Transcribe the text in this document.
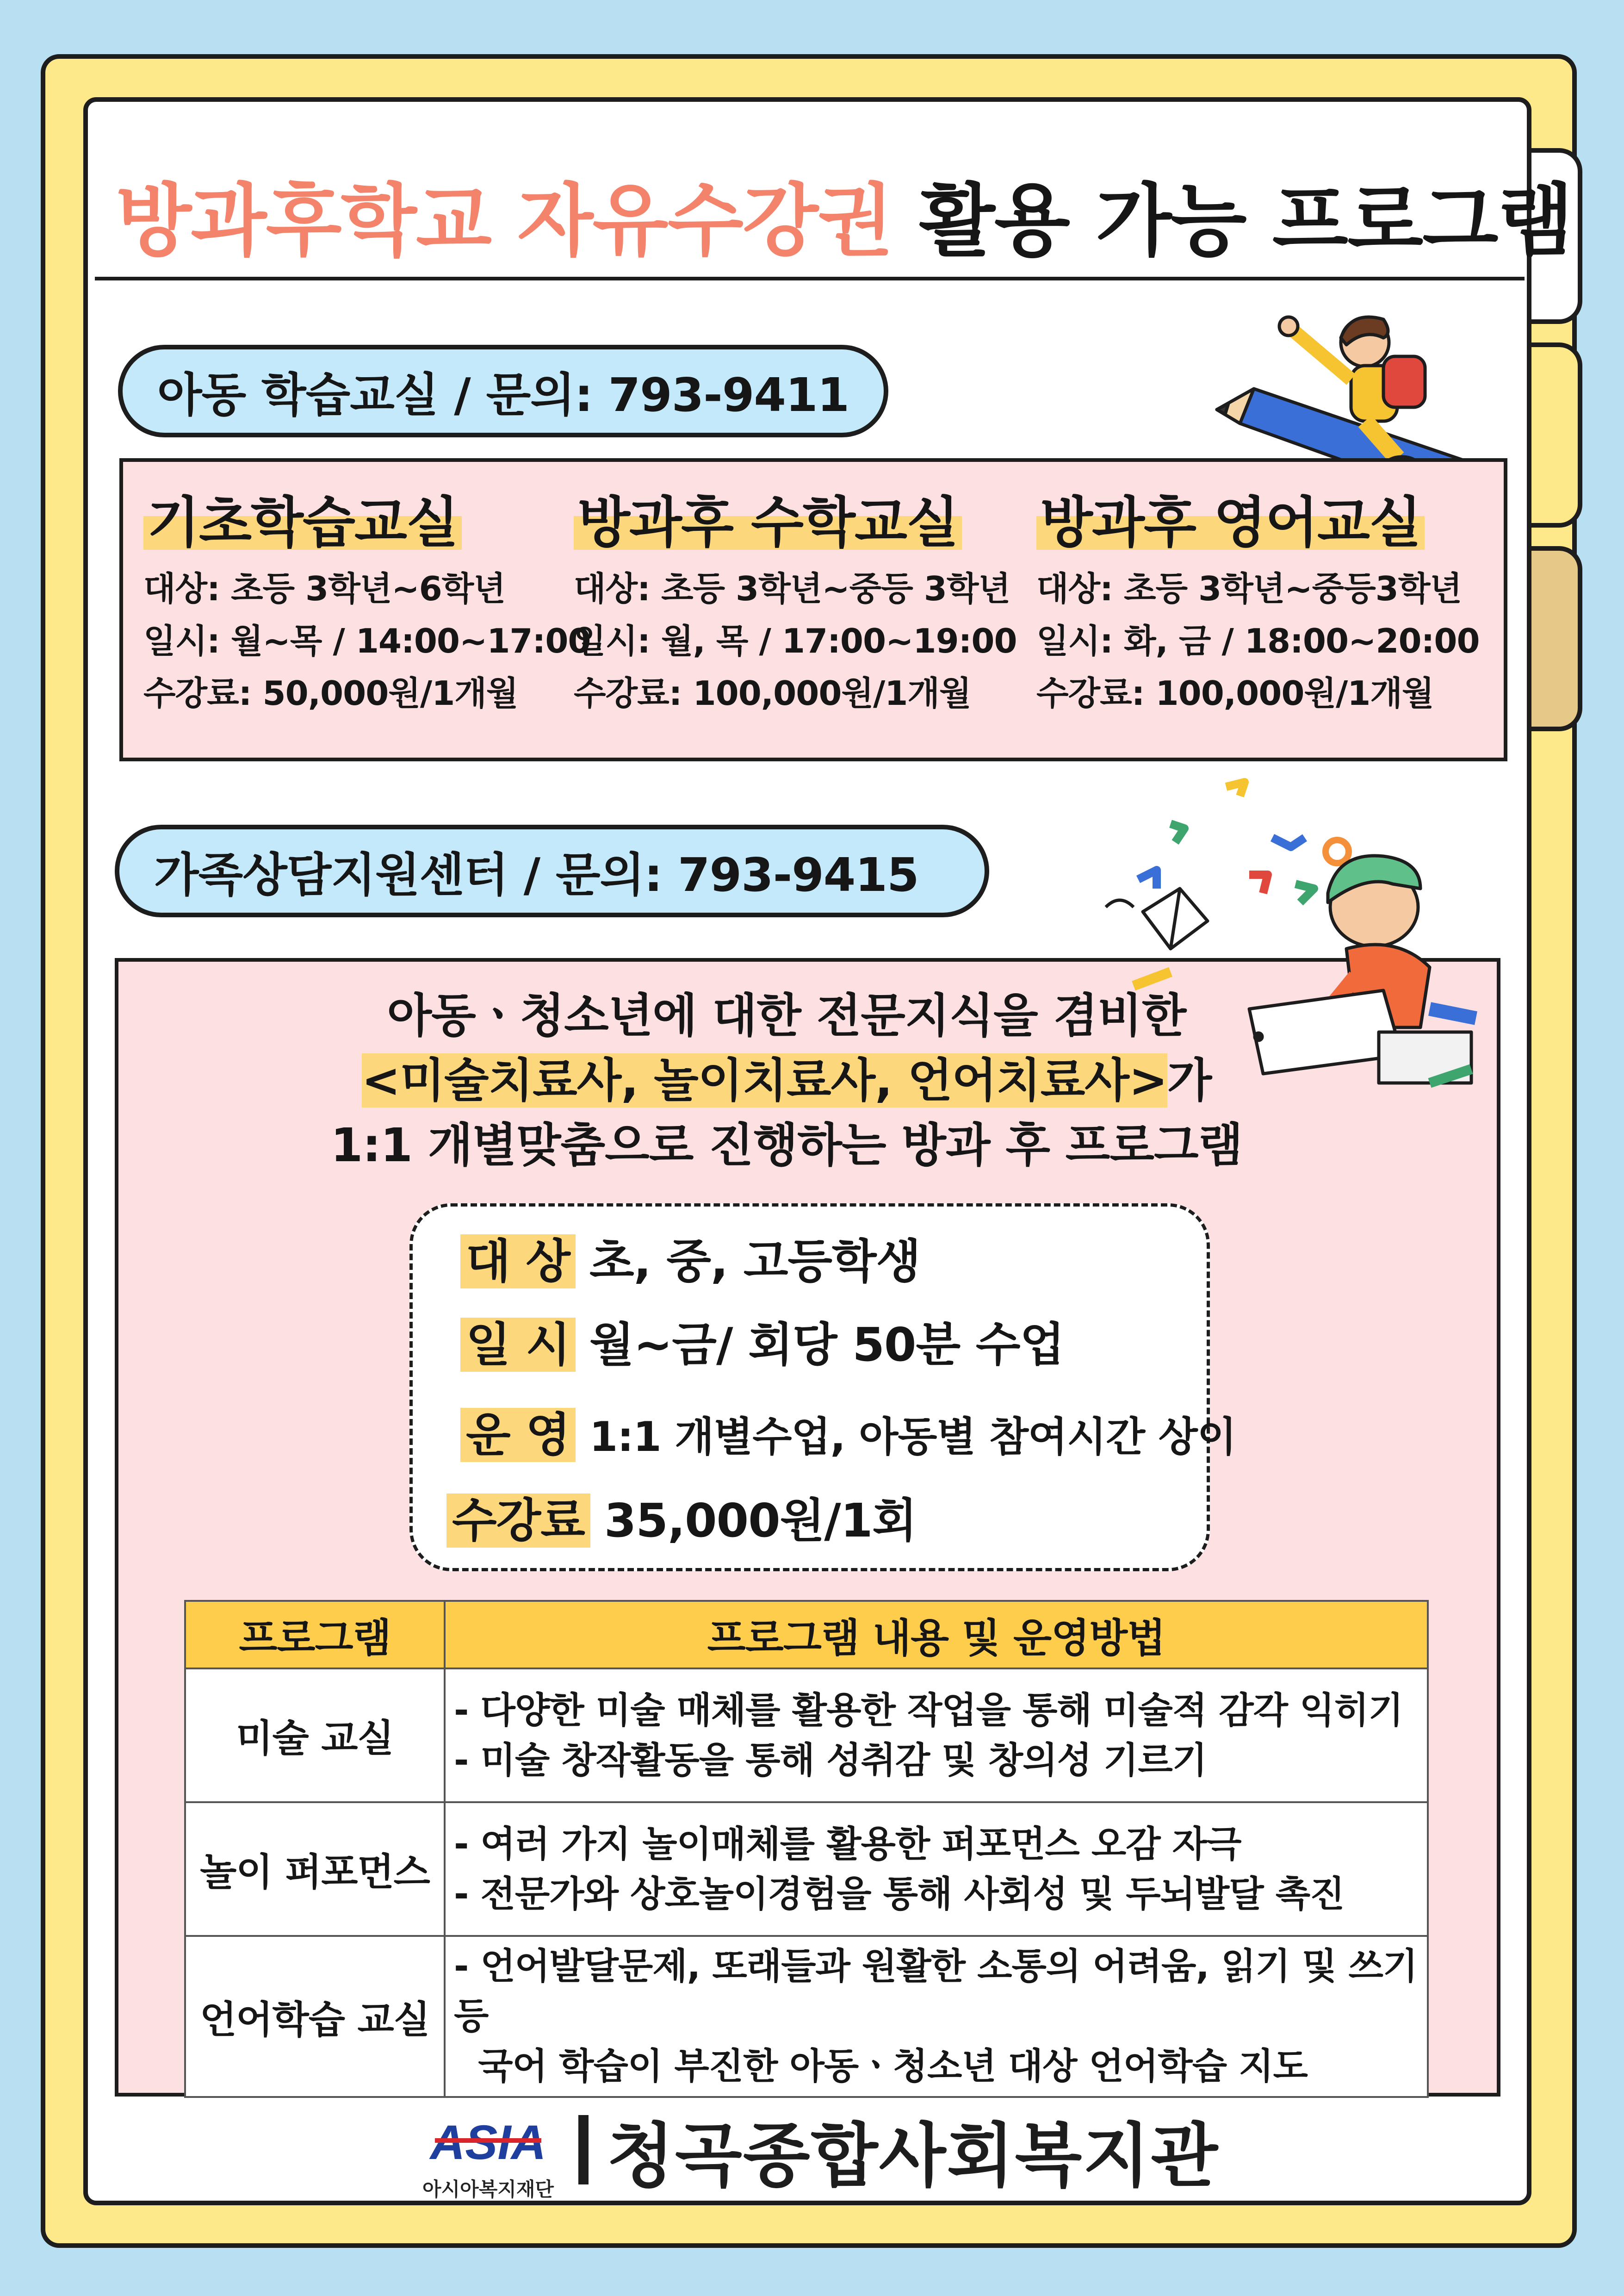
방과후학교 자유수강권 활용 가능 프로그램
아동 학습교실 / 문의: 793-9411
기초학습교실

대상: 초등 3학년~6학년

일시: 월~목 / 14:00~17:00

수강료: 50,000원/1개월

방과후 수학교실

대상: 초등 3학년~중등 3학년

일시: 월, 목 / 17:00~19:00

수강료: 100,000원/1개월

방과후 영어교실

대상: 초등 3학년~중등3학년

일시: 화, 금 / 18:00~20:00

수강료: 100,000원/1개월

가족상담지원센터 / 문의: 793-9415
아동ㆍ청소년에 대한 전문지식을 겸비한
<미술치료사, 놀이치료사, 언어치료사>가
1:1 개별맞춤으로 진행하는 방과 후 프로그램
대 상 초, 중, 고등학생
일 시 월~금/ 회당 50분 수업
운 영 1:1 개별수업, 아동별 참여시간 상이
수강료 35,000원/1회
프로그램	프로그램 내용 및 운영방법
미술 교실	- 다양한 미술 매체를 활용한 작업을 통해 미술적 감각 익히기
- 미술 창작활동을 통해 성취감 및 창의성 기르기

놀이 퍼포먼스	- 여러 가지 놀이매체를 활용한 퍼포먼스 오감 자극
- 전문가와 상호놀이경험을 통해 사회성 및 두뇌발달 촉진

언어학습 교실	- 언어발달문제, 또래들과 원활한 소통의 어려움, 읽기 및 쓰기 등
국어 학습이 부진한 아동ㆍ청소년 대상 언어학습 지도
ASIA
아시아복지재단 청곡종합사회복지관
